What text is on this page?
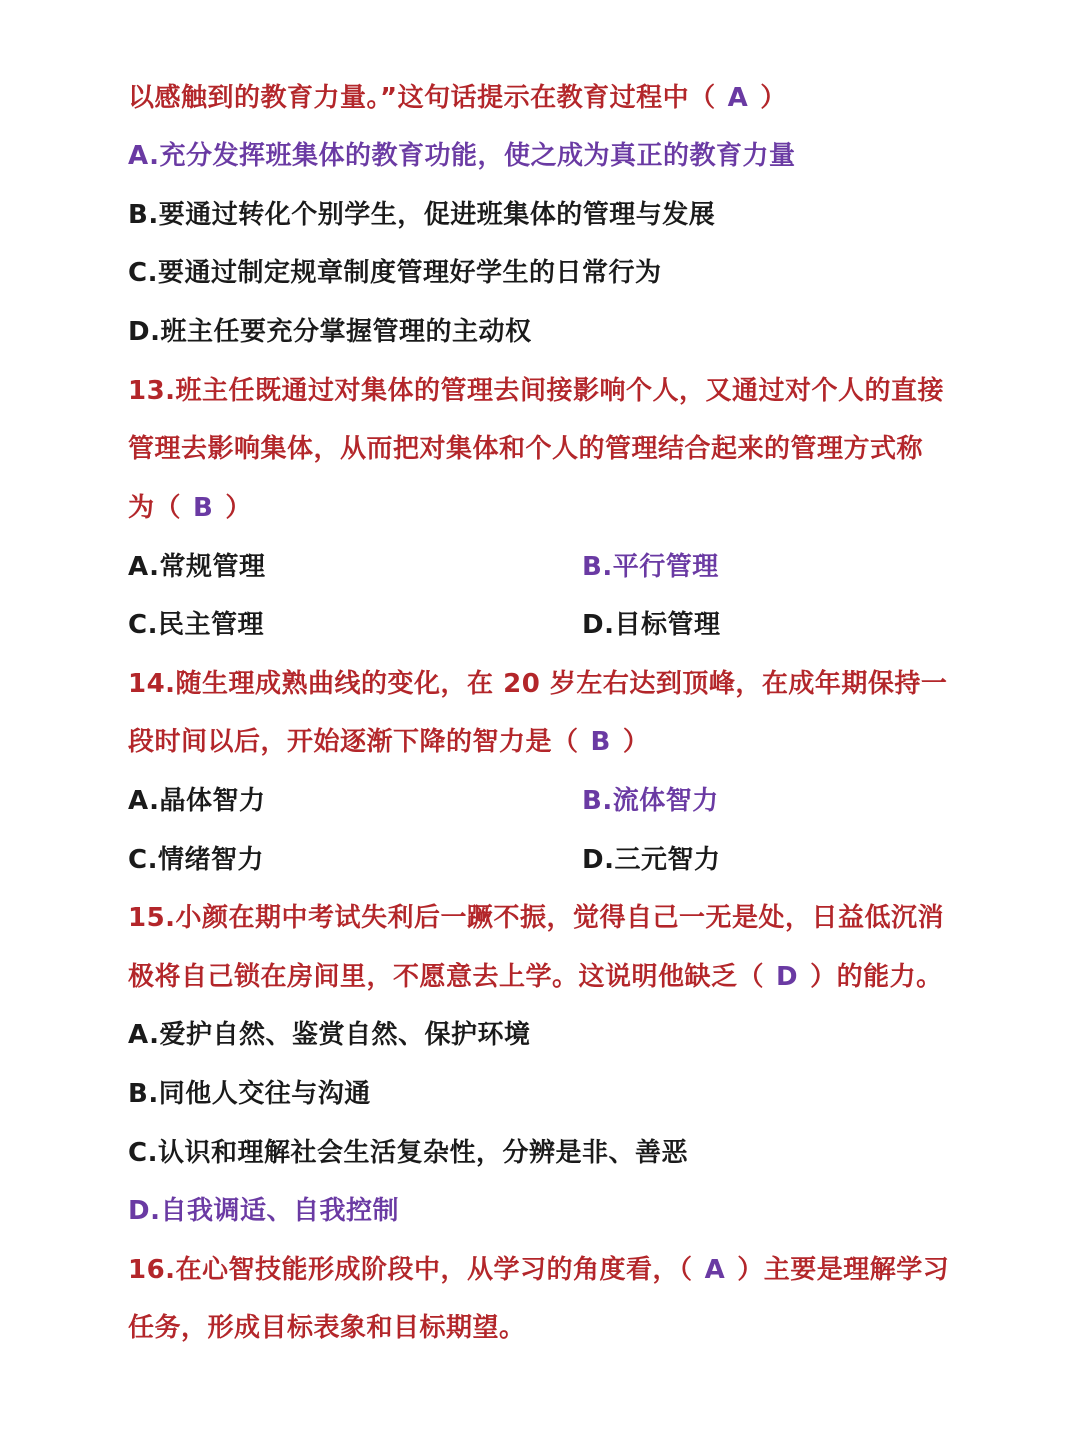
以感触到的教育力量。”这句话提示在教育过程中（ A ）
A.充分发挥班集体的教育功能，使之成为真正的教育力量
B.要通过转化个别学生，促进班集体的管理与发展
C.要通过制定规章制度管理好学生的日常行为
D.班主任要充分掌握管理的主动权
13.班主任既通过对集体的管理去间接影响个人，又通过对个人的直接
管理去影响集体，从而把对集体和个人的管理结合起来的管理方式称
为（ B ）
A.常规管理	B.平行管理
C.民主管理	D.目标管理
14.随生理成熟曲线的变化，在 20 岁左右达到顶峰，在成年期保持一
段时间以后，开始逐渐下降的智力是（ B ）
A.晶体智力	B.流体智力
C.情绪智力	D.三元智力
15.小颜在期中考试失利后一蹶不振，觉得自己一无是处，日益低沉消
极将自己锁在房间里，不愿意去上学。这说明他缺乏（ D ）的能力。
A.爱护自然、鉴赏自然、保护环境
B.同他人交往与沟通
C.认识和理解社会生活复杂性，分辨是非、善恶
D.自我调适、自我控制
16.在心智技能形成阶段中，从学习的角度看，（ A ）主要是理解学习
任务，形成目标表象和目标期望。
